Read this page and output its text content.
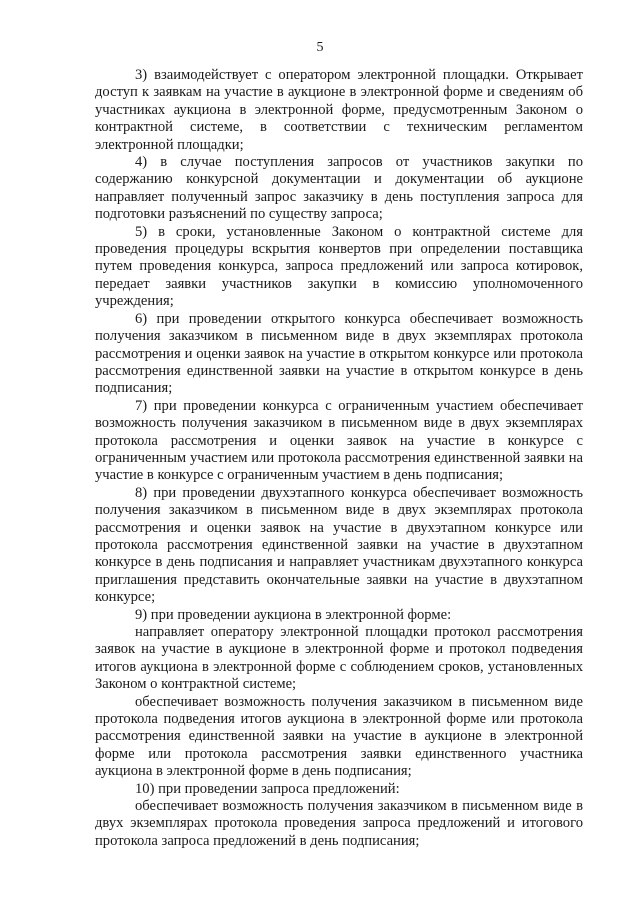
5

3) взаимодействует с оператором электронной площадки. Открывает доступ к заявкам на участие в аукционе в электронной форме и сведениям об участниках аукциона в электронной форме, предусмотренным Законом о контрактной системе, в соответствии с техническим регламентом электронной площадки;

4) в случае поступления запросов от участников закупки по содержанию конкурсной документации и документации об аукционе направляет полученный запрос заказчику в день поступления запроса для подготовки разъяснений по существу запроса;

5) в сроки, установленные Законом о контрактной системе для проведения процедуры вскрытия конвертов при определении поставщика путем проведения конкурса, запроса предложений или запроса котировок, передает заявки участников закупки в комиссию уполномоченного учреждения;

6) при проведении открытого конкурса обеспечивает возможность получения заказчиком в письменном виде в двух экземплярах протокола рассмотрения и оценки заявок на участие в открытом конкурсе или протокола рассмотрения единственной заявки на участие в открытом конкурсе в день подписания;

7) при проведении конкурса с ограниченным участием обеспечивает возможность получения заказчиком в письменном виде в двух экземплярах протокола рассмотрения и оценки заявок на участие в конкурсе с ограниченным участием или протокола рассмотрения единственной заявки на участие в конкурсе с ограниченным участием в день подписания;

8) при проведении двухэтапного конкурса обеспечивает возможность получения заказчиком в письменном виде в двух экземплярах протокола рассмотрения и оценки заявок на участие в двухэтапном конкурсе или протокола рассмотрения единственной заявки на участие в двухэтапном конкурсе в день подписания и направляет участникам двухэтапного конкурса приглашения представить окончательные заявки на участие в двухэтапном конкурсе;

9) при проведении аукциона в электронной форме:

направляет оператору электронной площадки протокол рассмотрения заявок на участие в аукционе в электронной форме и протокол подведения итогов аукциона в электронной форме с соблюдением сроков, установленных Законом о контрактной системе;

обеспечивает возможность получения заказчиком в письменном виде протокола подведения итогов аукциона в электронной форме или протокола рассмотрения единственной заявки на участие в аукционе в электронной форме или протокола рассмотрения заявки единственного участника аукциона в электронной форме в день подписания;

10) при проведении запроса предложений:

обеспечивает возможность получения заказчиком в письменном виде в двух экземплярах протокола проведения запроса предложений и итогового протокола запроса предложений в день подписания;
